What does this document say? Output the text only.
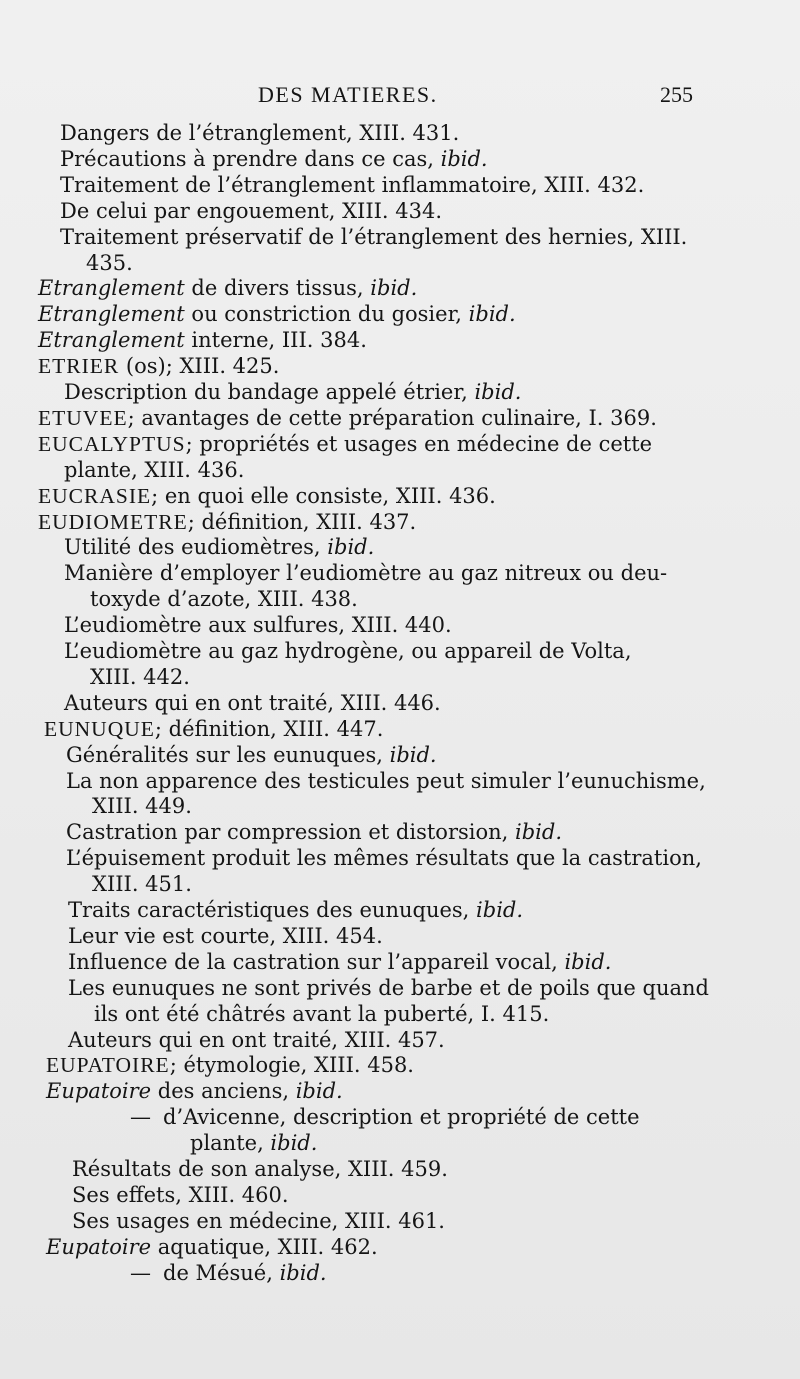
DES MATIERES.	255
Dangers de l’étranglement, XIII. 431.
Précautions à prendre dans ce cas, ibid.
Traitement de l’étranglement inflammatoire, XIII. 432.
De celui par engouement, XIII. 434.
Traitement préservatif de l’étranglement des hernies, XIII.
435.
Etranglement de divers tissus, ibid.
Etranglement ou constriction du gosier, ibid.
Etranglement interne, III. 384.
ETRIER (os); XIII. 425.
Description du bandage appelé étrier, ibid.
ETUVEE; avantages de cette préparation culinaire, I. 369.
EUCALYPTUS; propriétés et usages en médecine de cette
plante, XIII. 436.
EUCRASIE; en quoi elle consiste, XIII. 436.
EUDIOMETRE; définition, XIII. 437.
Utilité des eudiomètres, ibid.
Manière d’employer l’eudiomètre au gaz nitreux ou deu-
toxyde d’azote, XIII. 438.
L’eudiomètre aux sulfures, XIII. 440.
L’eudiomètre au gaz hydrogène, ou appareil de Volta,
XIII. 442.
Auteurs qui en ont traité, XIII. 446.
EUNUQUE; définition, XIII. 447.
Généralités sur les eunuques, ibid.
La non apparence des testicules peut simuler l’eunuchisme,
XIII. 449.
Castration par compression et distorsion, ibid.
L’épuisement produit les mêmes résultats que la castration,
XIII. 451.
Traits caractéristiques des eunuques, ibid.
Leur vie est courte, XIII. 454.
Influence de la castration sur l’appareil vocal, ibid.
Les eunuques ne sont privés de barbe et de poils que quand
ils ont été châtrés avant la puberté, I. 415.
Auteurs qui en ont traité, XIII. 457.
EUPATOIRE; étymologie, XIII. 458.
Eupatoire des anciens, ibid.
— d’Avicenne, description et propriété de cette
plante, ibid.
Résultats de son analyse, XIII. 459.
Ses effets, XIII. 460.
Ses usages en médecine, XIII. 461.
Eupatoire aquatique, XIII. 462.
— de Mésué, ibid.
